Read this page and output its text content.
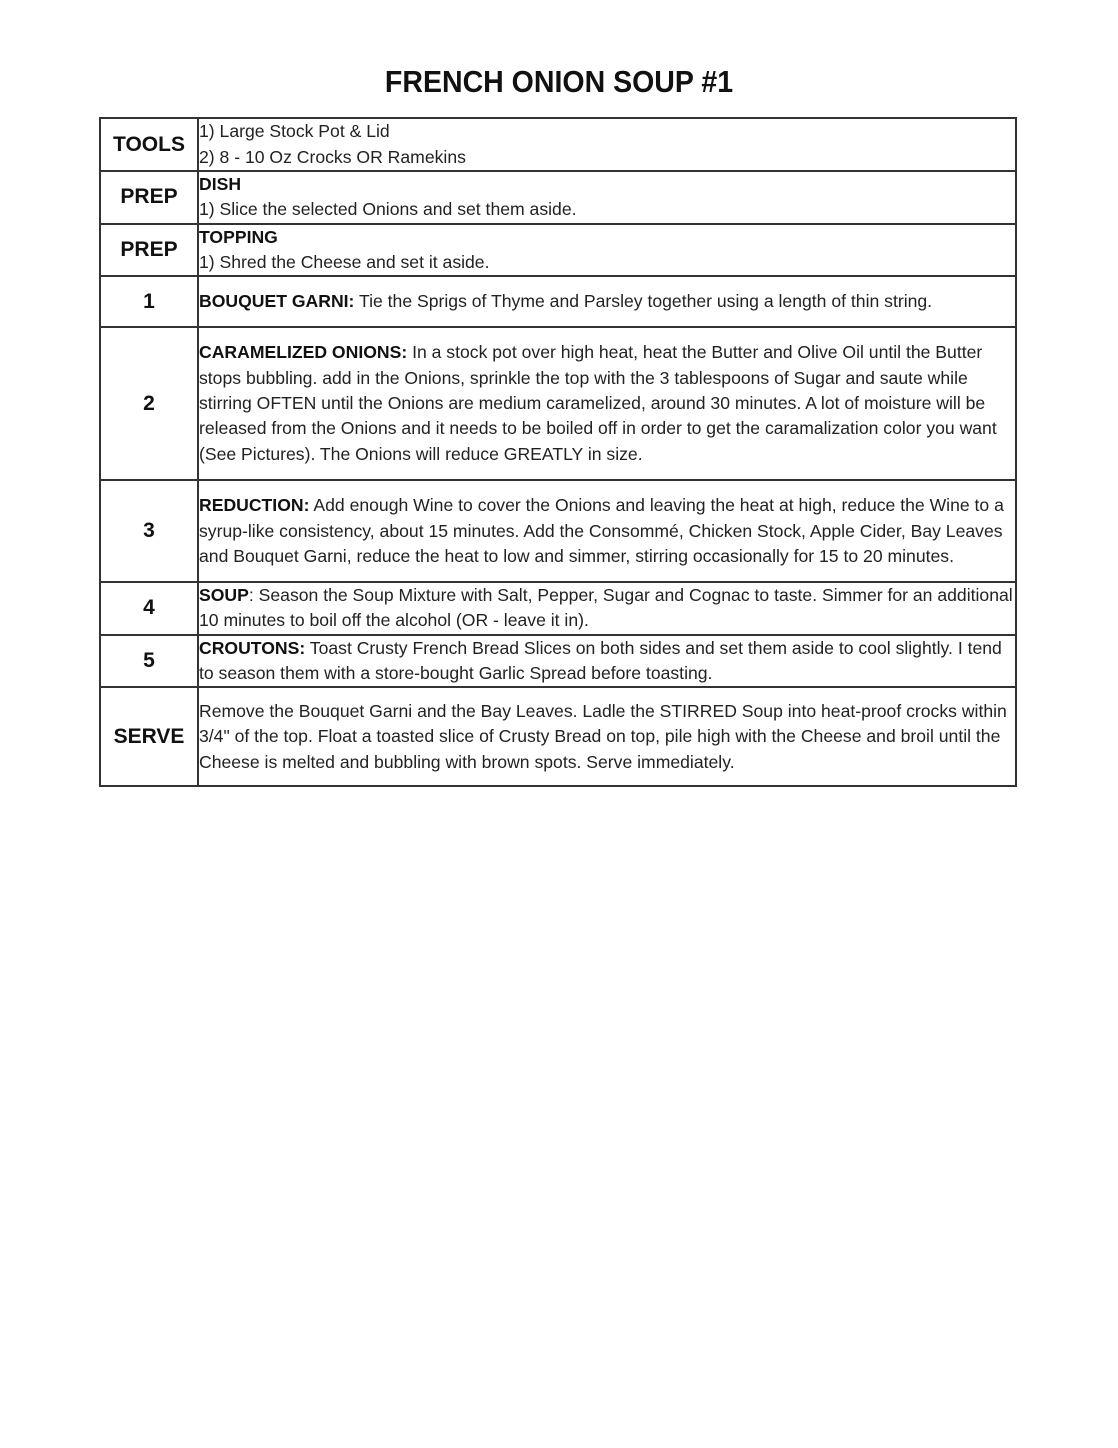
FRENCH ONION SOUP #1
TOOLS	1) Large Stock Pot & Lid
2) 8 - 10 Oz Crocks OR Ramekins

PREP	DISH
1) Slice the selected Onions and set them aside.

PREP	TOPPING
1) Shred the Cheese and set it aside.

1	BOUQUET GARNI: Tie the Sprigs of Thyme and Parsley together using a length of thin string.
2	CARAMELIZED ONIONS: In a stock pot over high heat, heat the Butter and Olive Oil until the Butter stops bubbling. add in the Onions, sprinkle the top with the 3 tablespoons of Sugar and saute while stirring OFTEN until the Onions are medium caramelized, around 30 minutes. A lot of moisture will be released from the Onions and it needs to be boiled off in order to get the caramalization color you want (See Pictures). The Onions will reduce GREATLY in size.
3	REDUCTION: Add enough Wine to cover the Onions and leaving the heat at high, reduce the Wine to a syrup-like consistency, about 15 minutes. Add the Consommé, Chicken Stock, Apple Cider, Bay Leaves and Bouquet Garni, reduce the heat to low and simmer, stirring occasionally for 15 to 20 minutes.
4	SOUP: Season the Soup Mixture with Salt, Pepper, Sugar and Cognac to taste. Simmer for an additional 10 minutes to boil off the alcohol (OR - leave it in).
5	CROUTONS: Toast Crusty French Bread Slices on both sides and set them aside to cool slightly. I tend to season them with a store-bought Garlic Spread before toasting.
SERVE	Remove the Bouquet Garni and the Bay Leaves. Ladle the STIRRED Soup into heat-proof crocks within 3/4" of the top. Float a toasted slice of Crusty Bread on top, pile high with the Cheese and broil until the Cheese is melted and bubbling with brown spots. Serve immediately.
